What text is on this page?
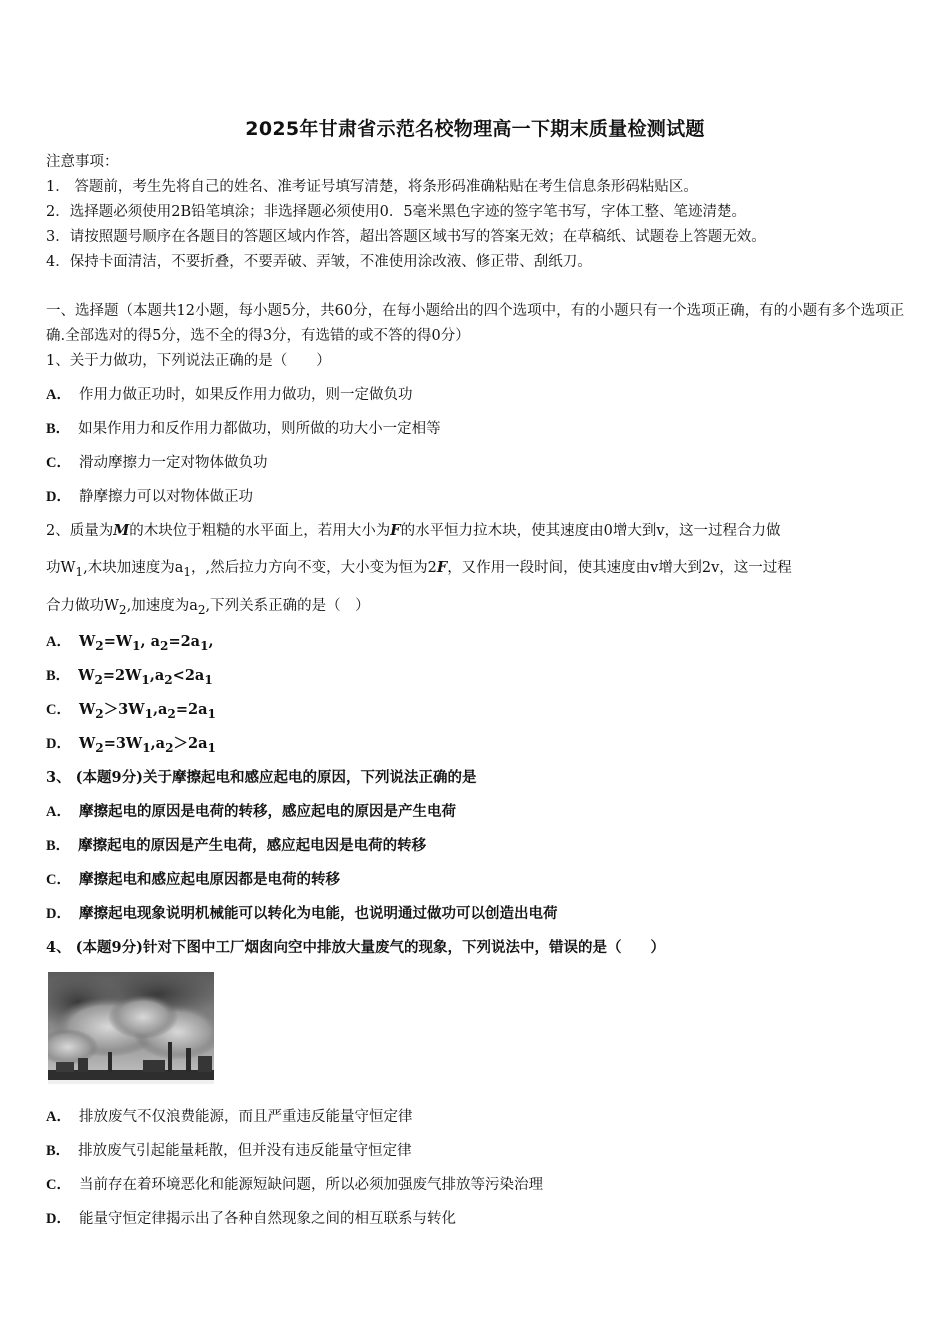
2025年甘肃省示范名校物理高一下期末质量检测试题
注意事项：
1． 答题前，考生先将自己的姓名、准考证号填写清楚，将条形码准确粘贴在考生信息条形码粘贴区。
2．选择题必须使用2B铅笔填涂；非选择题必须使用0．5毫米黑色字迹的签字笔书写，字体工整、笔迹清楚。
3．请按照题号顺序在各题目的答题区域内作答，超出答题区域书写的答案无效；在草稿纸、试题卷上答题无效。
4．保持卡面清洁，不要折叠，不要弄破、弄皱，不准使用涂改液、修正带、刮纸刀。
一、选择题（本题共12小题，每小题5分，共60分，在每小题给出的四个选项中，有的小题只有一个选项正确，有的小题有多个选项正确.全部选对的得5分，选不全的得3分，有选错的或不答的得0分）
1、关于力做功，下列说法正确的是（　　）
A． 作用力做正功时，如果反作用力做功，则一定做负功
B． 如果作用力和反作用力都做功，则所做的功大小一定相等
C． 滑动摩擦力一定对物体做负功
D． 静摩擦力可以对物体做正功
2、质量为M的木块位于粗糙的水平面上，若用大小为F的水平恒力拉木块，使其速度由0增大到v，这一过程合力做
功$W_1$,木块加速度为$a_1$，,然后拉力方向不变，大小变为恒为2F，又作用一段时间，使其速度由v增大到2v，这一过程
合力做功$W_2$,加速度为$a_2$,下列关系正确的是（　）
A． $W_2=W_1$, $a_2=2a_1$,
B． $W_2=2W_1,a_2<2a_1$
C． $W_2>3W_1,a_2=2a_1$
D． $W_2=3W_1,a_2>2a_1$
3、 (本题9分)关于摩擦起电和感应起电的原因，下列说法正确的是
A． 摩擦起电的原因是电荷的转移，感应起电的原因是产生电荷
B． 摩擦起电的原因是产生电荷，感应起电因是电荷的转移
C． 摩擦起电和感应起电原因都是电荷的转移
D． 摩擦起电现象说明机械能可以转化为电能，也说明通过做功可以创造出电荷
4、 (本题9分)针对下图中工厂烟囱向空中排放大量废气的现象，下列说法中，错误的是（　　）
A． 排放废气不仅浪费能源，而且严重违反能量守恒定律
B． 排放废气引起能量耗散，但并没有违反能量守恒定律
C． 当前存在着环境恶化和能源短缺问题，所以必须加强废气排放等污染治理
D． 能量守恒定律揭示出了各种自然现象之间的相互联系与转化
